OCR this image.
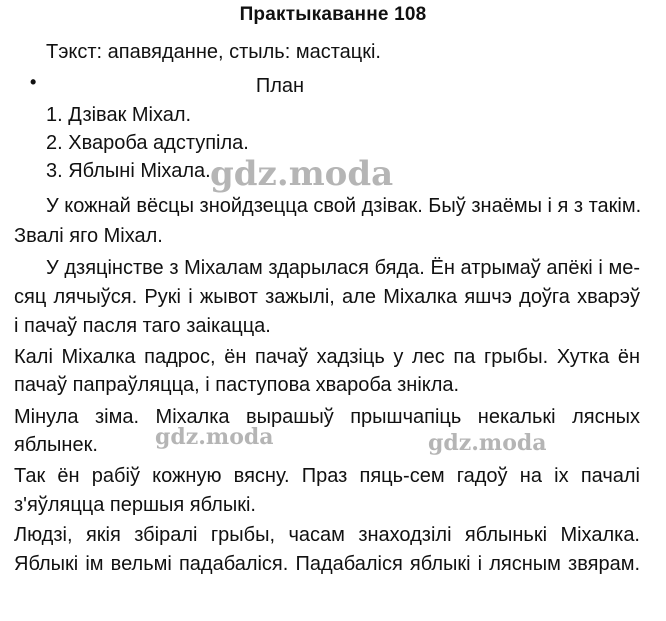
Практыкаванне 108
Тэкст: апавяданне, стыль: мастацкі.
•	План
1. Дзівак Міхал.
2. Хвароба адступіла.
3. Яблыні Міхала.
У кожнай вёсцы знойдзецца свой дзівак. Быў знаёмы і я з такім.
Звалі яго Міхал.
У дзяцінстве з Міхалам здарылася бяда. Ён атрымаў апёкі і ме-
сяц лячыўся. Рукі і жывот зажылі, але Міхалка яшчэ доўга хварэў
і пачаў пасля таго заікацца.
Калі Міхалка падрос, ён пачаў хадзіць у лес па грыбы. Хутка ён
пачаў папраўляцца, і паступова хвароба знікла.
Мінула зіма. Міхалка вырашыў прышчапіць некалькі лясных
яблынек.
Так ён рабіў кожную вясну. Праз пяць-сем гадоў на іх пачалі
з'яўляцца першыя яблыкі.
Людзі, якія збіралі грыбы, часам знаходзілі яблынькі Міхалка.
Яблыкі ім вельмі падабаліся. Падабаліся яблыкі і лясным звярам.
gdz.moda
gdz.moda	gdz.moda
